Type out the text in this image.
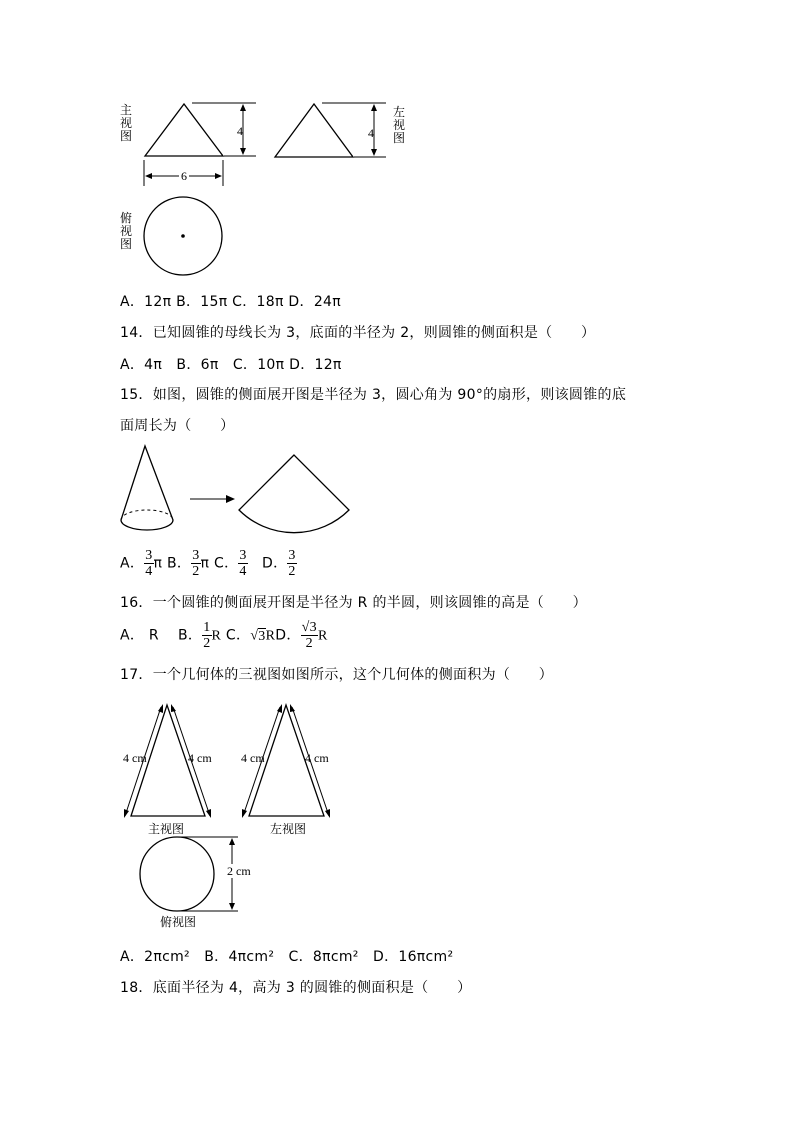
主视图
左视图
俯视图
4	4
6
A．12π B．15π C．18π D．24π
14．已知圆锥的母线长为 3，底面的半径为 2，则圆锥的侧面积是（　　）
A．4π　B．6π　C．10π D．12π
15．如图，圆锥的侧面展开图是半径为 3，圆心角为 90°的扇形，则该圆锥的底
面周长为（　　）
A． $\frac{3}{4}$ π B． $\frac{3}{2}$ π C． $\frac{3}{4}$ 　D． $\frac{3}{2}$
16．一个圆锥的侧面展开图是半径为 R 的半圆，则该圆锥的高是（　　）
A． R　 B． $\frac{1}{2}$ R C．√3RD． $\frac{√3}{2}$ R
17．一个几何体的三视图如图所示，这个几何体的侧面积为（　　）
4 cm	4 cm 4 cm	4 cm
2 cm
主视图	左视图
俯视图
A．2πcm²　B．4πcm²　C．8πcm²　D．16πcm²
18．底面半径为 4，高为 3 的圆锥的侧面积是（　　）
